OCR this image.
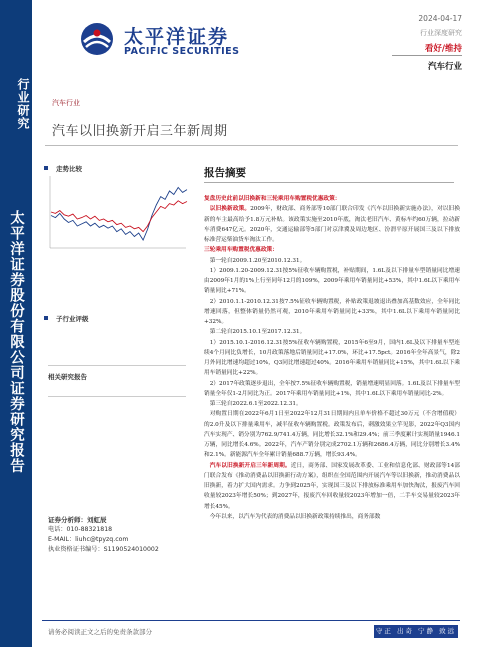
行业研究
太平洋证券股份有限公司证券研究报告
太平洋证券
PACIFIC SECURITIES
2024-04-17
行业深度研究
看好/维持
汽车行业
汽车行业
汽车以旧换新开启三年新周期
走势比较
子行业评级
相关研究报告
证券分析师：刘虹辰
电话：010-88321818
E-MAIL：liuhc@tpyzq.com
执业资格证书编号：S1190524010002
报告摘要

复盘历史此前以旧换新和三轮乘用车购置税优惠政策：

以旧换新政策。2009年，财政部、商务部等10部门联合印发《汽车以旧换新实施办法》，对以旧换新的车主最高给予1.8万元补贴。该政策实施至2010年底，淘汰老旧汽车、黄标车约60万辆，拉动新车消费647亿元。2020年，交通运输部等5部门对京津冀及周边地区、汾渭平原开展国三及以下排放标准营运柴油货车淘汰工作。

三轮乘用车购置税优惠政策：

第一轮自2009.1.20至2010.12.31。

1）2009.1.20-2009.12.31按5%征收车辆购置税，补贴期间，1.6L及以下排量车型销量同比增速由2009年1月的1%上行至同年12月的109%，2009年乘用车销量同比+53%，其中1.6L以下乘用车销量同比+71%。

2）2010.1.1-2010.12.31按7.5%征收车辆购置税，补贴政策退坡退出叠加高基数效应，全年同比增速回落，但整体销量仍然可观，2010年乘用车销量同比+33%，其中1.6L以下乘用车销量同比+32%。

第二轮自2015.10.1至2017.12.31。

1）2015.10.1-2016.12.31按5%征收车辆购置税，2015年6至9月，国内1.6L及以下排量车型连续4个月同比负增长，10月政策落地后销量同比+17.0%，环比+17.5pct。2016年全年高景气，除2月外同比增速均超过10%，Q3同比增速超过40%。2016年乘用车销量同比+15%，其中1.6L以下乘用车销量同比+22%。

2）2017年政策逐步退出，全年按7.5%征收车辆购置税，销量增速明显回落。1.6L及以下排量车型销量全年仅1-2月同比为正。2017年乘用车销量同比+1%，其中1.6L以下乘用车销量同比-2%。

第三轮自2022.6.1至2022.12.31。

对购置日期在2022年6月1日至2022年12月31日期间内且单车价格不超过30万元（不含增值税）的2.0升及以下排量乘用车，减半征收车辆购置税。政策发布后，刺激效果立竿见影，2022年Q3国内汽车实现产、销分别为762.9/741.4万辆，同比增长32.1%和29.4%；前三季度累计实现销量1946.1万辆，同比增长4.6%。2022年，汽车产销分别完成2702.1万辆和2686.4万辆，同比分别增长3.4%和2.1%。新能源汽车全年累计销量688.7万辆，增长93.4%。

汽车以旧换新开启三年新周期。近日，商务部、国家发展改革委、工业和信息化部、财政部等14部门联合发布《推动消费品以旧换新行动方案》，组织在全国范围内开展汽车等以旧换新，推动消费品以旧换新，着力扩大国内需求。力争到2025年，实现国三及以下排放标准乘用车加快淘汰，报废汽车回收量较2023年增长50%；到2027年，报废汽车回收量较2023年增加一倍，二手车交易量较2023年增长45%。

今年以来，以汽车为代表的消费品以旧换新政策持续推出，商务部数

请务必阅读正文之后的免责条款部分	守正 出奇 宁静 致远
